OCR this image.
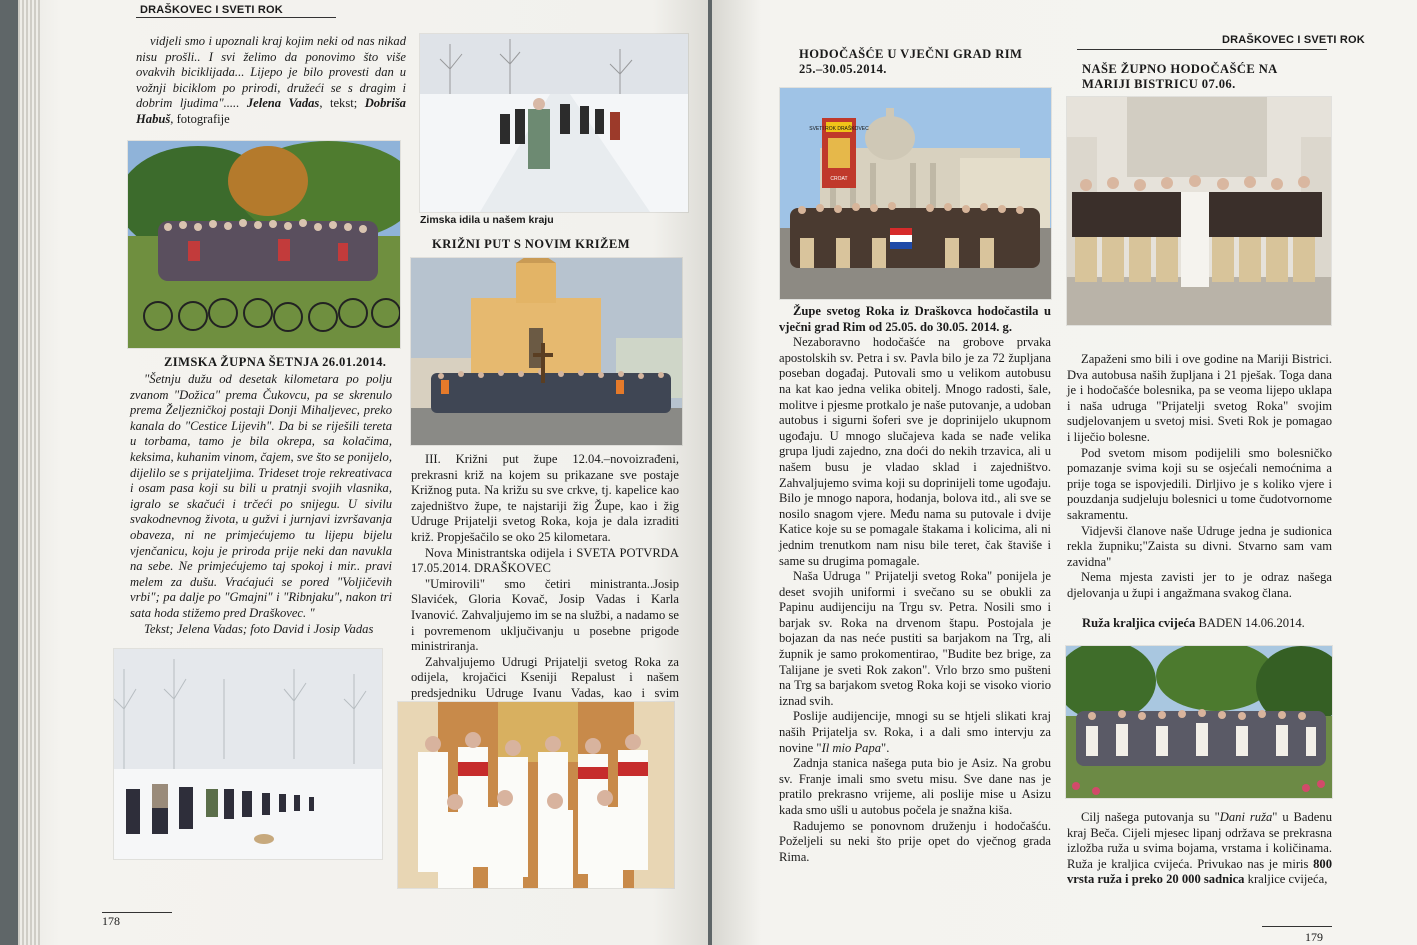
DRAŠKOVEC I SVETI ROK

vidjeli smo i upoznali kraj kojim neki od nas nikad nisu prošli.. I svi želimo da ponovimo što više ovakvih biciklijada... Lijepo je bilo provesti dan u vožnji biciklom po prirodi, družeći se s dragim i dobrim ljudima"..... Jelena Vadas, tekst; Dobriša Habuš, fotografije

Zimska idila u našem kraju
KRIŽNI PUT S NOVIM KRIŽEM
ZIMSKA ŽUPNA ŠETNJA 26.01.2014.

"Šetnju dužu od desetak kilometara po polju zvanom "Dožica" prema Čukovcu, pa se skrenulo prema Željezničkoj postaji Donji Mihaljevec, preko kanala do "Cestice Lijevih". Da bi se riješili tereta u torbama, tamo je bila okrepa, sa kolačima, keksima, kuhanim vinom, čajem, sve što se ponijelo, dijelilo se s prijateljima. Trideset troje rekreativaca i osam pasa koji su bili u pratnji svojih vlasnika, igralo se skačući i trčeći po snijegu. U sivilu svakodnevnog života, u gužvi i jurnjavi izvršavanja obaveza, ni ne primjećujemo tu lijepu bijelu vjenčanicu, koju je priroda prije neki dan navukla na sebe. Ne primjećujemo taj spokoj i mir.. pravi melem za dušu. Vraćajući se pored "Voljičevih vrbi"; pa dalje po "Gmajni" i "Ribnjaku", nakon tri sata hoda stižemo pred Draškovec. "

Tekst; Jelena Vadas; foto David i Josip Vadas

III. Križni put župe 12.04.–novoizrađeni, prekrasni križ na kojem su prikazane sve postaje Križnog puta. Na križu su sve crkve, tj. kapelice kao zajedništvo župe, te najstariji žig Župe, kao i žig Udruge Prijatelji svetog Roka, koja je dala izraditi križ. Propješačilo se oko 25 kilometara.

Nova Ministrantska odijela i SVETA POTVRDA 17.05.2014. DRAŠKOVEC

"Umirovili" smo četiri ministranta..Josip Slavićek, Gloria Kovač, Josip Vadas i Karla Ivanović. Zahvaljujemo im se na službi, a nadamo se i povremenom uključivanju u posebne prigode ministriranja.

Zahvaljujemo Udrugi Prijatelji svetog Roka za odijela, krojačici Kseniji Repalust i našem predsjedniku Udruge Ivanu Vadas, kao i svim

178
DRAŠKOVEC I SVETI ROK
HODOČAŠĆE U VJEČNI GRAD RIM
25.–30.05.2014.
SVETI ROK DRAŠKOVEC
CROAT

Župe svetog Roka iz Draškovca hodočastila u vječni grad Rim od 25.05. do 30.05. 2014. g.

Nezaboravno hodočašće na grobove prvaka apostolskih sv. Petra i sv. Pavla bilo je za 72 župljana poseban događaj. Putovali smo u velikom autobusu na kat kao jedna velika obitelj. Mnogo radosti, šale, molitve i pjesme protkalo je naše putovanje, a udoban autobus i sigurni šoferi sve je doprinijelo ukupnom ugođaju. U mnogo slučajeva kada se nađe velika grupa ljudi zajedno, zna doći do nekih trzavica, ali u našem busu je vladao sklad i zajedništvo. Zahvaljujemo svima koji su doprinijeli tome ugođaju. Bilo je mnogo napora, hodanja, bolova itd., ali sve se nosilo snagom vjere. Među nama su putovale i dvije Katice koje su se pomagale štakama i kolicima, ali ni jednim trenutkom nam nisu bile teret, čak štaviše i same su drugima pomagale.

Naša Udruga " Prijatelji svetog Roka" ponijela je deset svojih uniformi i svečano su se obukli za Papinu audijenciju na Trgu sv. Petra. Nosili smo i barjak sv. Roka na drvenom štapu. Postojala je bojazan da nas neće pustiti sa barjakom na Trg, ali župnik je samo prokomentirao, "Budite bez brige, za Talijane je sveti Rok zakon". Vrlo brzo smo pušteni na Trg sa barjakom svetog Roka koji se visoko viorio iznad svih.

Poslije audijencije, mnogi su se htjeli slikati kraj naših Prijatelja sv. Roka, i a dali smo intervju za novine "Il mio Papa".

Zadnja stanica našega puta bio je Asiz. Na grobu sv. Franje imali smo svetu misu. Sve dane nas je pratilo prekrasno vrijeme, ali poslije mise u Asizu kada smo ušli u autobus počela je snažna kiša.

Radujemo se ponovnom druženju i hodočašću. Poželjeli su neki što prije opet do vječnog grada Rima.

NAŠE ŽUPNO HODOČAŠĆE NA
MARIJI BISTRICU 07.06.

Zapaženi smo bili i ove godine na Mariji Bistrici. Dva autobusa naših župljana i 21 pješak. Toga dana je i hodočašće bolesnika, pa se veoma lijepo uklapa i naša udruga "Prijatelji svetog Roka" svojim sudjelovanjem u svetoj misi. Sveti Rok je pomagao i liječio bolesne.

Pod svetom misom podijelili smo bolesničko pomazanje svima koji su se osjećali nemoćnima a prije toga se ispovjedili. Dirljivo je s koliko vjere i pouzdanja sudjeluju bolesnici u tome čudotvornome sakramentu.

Vidjevši članove naše Udruge jedna je sudionica rekla župniku;"Zaista su divni. Stvarno sam vam zavidna"

Nema mjesta zavisti jer to je odraz našega djelovanja u župi i angažmana svakog člana.

Ruža kraljica cvijeća BADEN 14.06.2014.

Cilj našega putovanja su "Dani ruža" u Badenu kraj Beča. Cijeli mjesec lipanj održava se prekrasna izložba ruža u svima bojama, vrstama i količinama. Ruža je kraljica cvijeća. Privukao nas je miris 800 vrsta ruža i preko 20 000 sadnica kraljice cvijeća,

179
